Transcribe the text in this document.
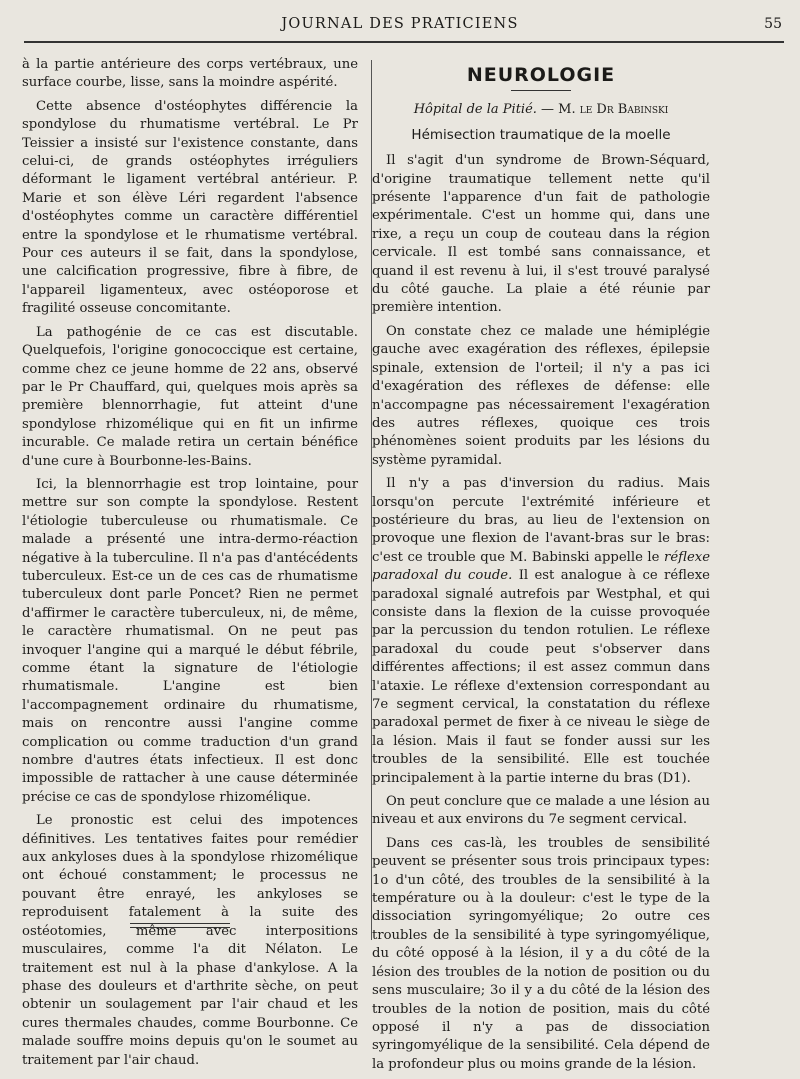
JOURNAL DES PRATICIENS	55

à la partie antérieure des corps vertébraux, une surface courbe, lisse, sans la moindre aspérité.

Cette absence d'ostéophytes différencie la spondylose du rhumatisme vertébral. Le Pr Teissier a insisté sur l'existence constante, dans celui-ci, de grands ostéophytes irréguliers déformant le ligament vertébral antérieur. P. Marie et son élève Léri regardent l'absence d'ostéophytes comme un caractère différentiel entre la spondylose et le rhumatisme vertébral. Pour ces auteurs il se fait, dans la spondylose, une calcification progressive, fibre à fibre, de l'appareil ligamenteux, avec ostéoporose et fragilité osseuse concomitante.

La pathogénie de ce cas est discutable. Quelquefois, l'origine gonococcique est certaine, comme chez ce jeune homme de 22 ans, observé par le Pr Chauffard, qui, quelques mois après sa première blennorrhagie, fut atteint d'une spondylose rhizomélique qui en fit un infirme incurable. Ce malade retira un certain bénéfice d'une cure à Bourbonne-les-Bains.

Ici, la blennorrhagie est trop lointaine, pour mettre sur son compte la spondylose. Restent l'étiologie tuberculeuse ou rhumatismale. Ce malade a présenté une intra-dermo-réaction négative à la tuberculine. Il n'a pas d'antécédents tuberculeux. Est-ce un de ces cas de rhumatisme tuberculeux dont parle Poncet? Rien ne permet d'affirmer le caractère tuberculeux, ni, de même, le caractère rhumatismal. On ne peut pas invoquer l'angine qui a marqué le début fébrile, comme étant la signature de l'étiologie rhumatismale. L'angine est bien l'accompagnement ordinaire du rhumatisme, mais on rencontre aussi l'angine comme complication ou comme traduction d'un grand nombre d'autres états infectieux. Il est donc impossible de rattacher à une cause déterminée précise ce cas de spondylose rhizomélique.

Le pronostic est celui des impotences définitives. Les tentatives faites pour remédier aux ankyloses dues à la spondylose rhizomélique ont échoué constamment; le processus ne pouvant être enrayé, les ankyloses se reproduisent fatalement à la suite des ostéotomies, même avec interpositions musculaires, comme l'a dit Nélaton. Le traitement est nul à la phase d'ankylose. A la phase des douleurs et d'arthrite sèche, on peut obtenir un soulagement par l'air chaud et les cures thermales chaudes, comme Bourbonne. Ce malade souffre moins depuis qu'on le soumet au traitement par l'air chaud.

NEUROLOGIE
Hôpital de la Pitié. — M. le Dr Babinski
Hémisection traumatique de la moelle

Il s'agit d'un syndrome de Brown-Séquard, d'origine traumatique tellement nette qu'il présente l'apparence d'un fait de pathologie expérimentale. C'est un homme qui, dans une rixe, a reçu un coup de couteau dans la région cervicale. Il est tombé sans connaissance, et quand il est revenu à lui, il s'est trouvé paralysé du côté gauche. La plaie a été réunie par première intention.

On constate chez ce malade une hémiplégie gauche avec exagération des réflexes, épilepsie spinale, extension de l'orteil; il n'y a pas ici d'exagération des réflexes de défense: elle n'accompagne pas nécessairement l'exagération des autres réflexes, quoique ces trois phénomènes soient produits par les lésions du système pyramidal.

Il n'y a pas d'inversion du radius. Mais lorsqu'on percute l'extrémité inférieure et postérieure du bras, au lieu de l'extension on provoque une flexion de l'avant-bras sur le bras: c'est ce trouble que M. Babinski appelle le réflexe paradoxal du coude. Il est analogue à ce réflexe paradoxal signalé autrefois par Westphal, et qui consiste dans la flexion de la cuisse provoquée par la percussion du tendon rotulien. Le réflexe paradoxal du coude peut s'observer dans différentes affections; il est assez commun dans l'ataxie. Le réflexe d'extension correspondant au 7e segment cervical, la constatation du réflexe paradoxal permet de fixer à ce niveau le siège de la lésion. Mais il faut se fonder aussi sur les troubles de la sensibilité. Elle est touchée principalement à la partie interne du bras (D1).

On peut conclure que ce malade a une lésion au niveau et aux environs du 7e segment cervical.

Dans ces cas-là, les troubles de sensibilité peuvent se présenter sous trois principaux types: 1o d'un côté, des troubles de la sensibilité à la température ou à la douleur: c'est le type de la dissociation syringomyélique; 2o outre ces troubles de la sensibilité à type syringomyélique, du côté opposé à la lésion, il y a du côté de la lésion des troubles de la notion de position ou du sens musculaire; 3o il y a du côté de la lésion des troubles de la notion de position, mais du côté opposé il n'y a pas de dissociation syringomyélique de la sensibilité. Cela dépend de la profondeur plus ou moins grande de la lésion.
